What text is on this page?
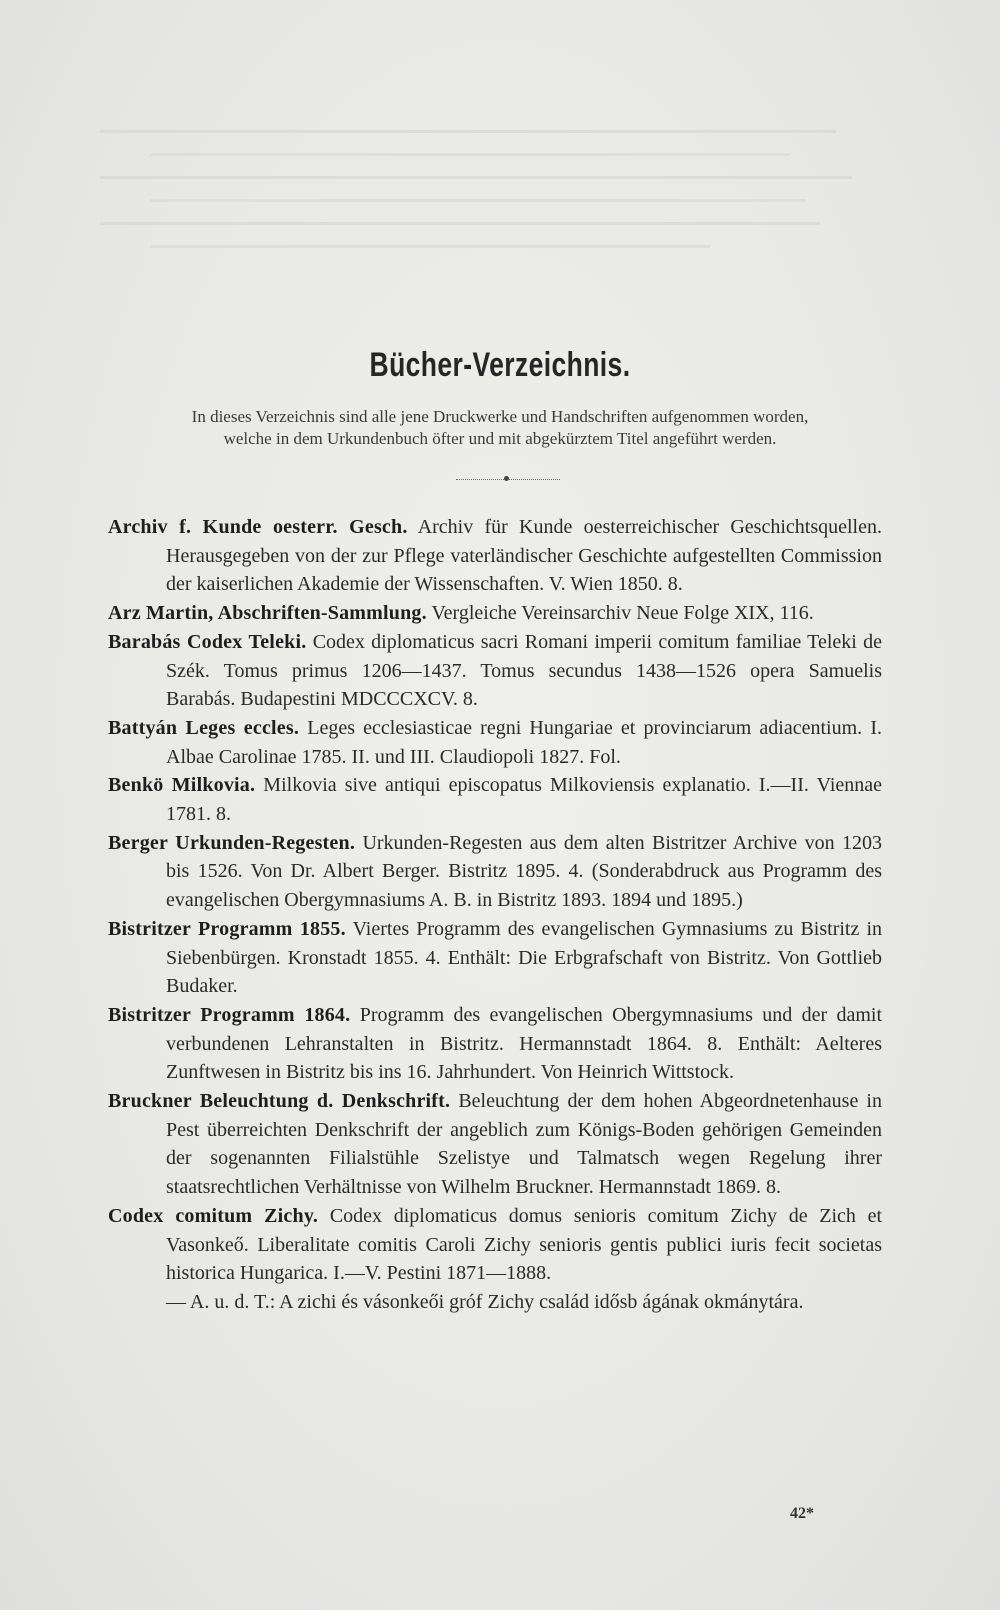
Bücher-Verzeichnis.
In dieses Verzeichnis sind alle jene Druckwerke und Handschriften aufgenommen worden,
welche in dem Urkundenbuch öfter und mit abgekürztem Titel angeführt werden.

Archiv f. Kunde oesterr. Gesch. Archiv für Kunde oesterreichischer Geschichtsquellen. Herausgegeben von der zur Pflege vaterländischer Geschichte aufgestellten Commission der kaiserlichen Akademie der Wissenschaften. V. Wien 1850. 8.

Arz Martin, Abschriften-Sammlung. Vergleiche Vereinsarchiv Neue Folge XIX, 116.

Barabás Codex Teleki. Codex diplomaticus sacri Romani imperii comitum familiae Teleki de Szék. Tomus primus 1206—1437. Tomus secundus 1438—1526 opera Samuelis Barabás. Budapestini MDCCCXCV. 8.

Battyán Leges eccles. Leges ecclesiasticae regni Hungariae et provinciarum adiacentium. I. Albae Carolinae 1785. II. und III. Claudiopoli 1827. Fol.

Benkö Milkovia. Milkovia sive antiqui episcopatus Milkoviensis explanatio. I.—II. Viennae 1781. 8.

Berger Urkunden-Regesten. Urkunden-Regesten aus dem alten Bistritzer Archive von 1203 bis 1526. Von Dr. Albert Berger. Bistritz 1895. 4. (Sonderabdruck aus Programm des evangelischen Obergymnasiums A. B. in Bistritz 1893. 1894 und 1895.)

Bistritzer Programm 1855. Viertes Programm des evangelischen Gymnasiums zu Bistritz in Siebenbürgen. Kronstadt 1855. 4. Enthält: Die Erbgrafschaft von Bistritz. Von Gottlieb Budaker.

Bistritzer Programm 1864. Programm des evangelischen Obergymnasiums und der damit verbundenen Lehranstalten in Bistritz. Hermannstadt 1864. 8. Enthält: Aelteres Zunftwesen in Bistritz bis ins 16. Jahrhundert. Von Heinrich Wittstock.

Bruckner Beleuchtung d. Denkschrift. Beleuchtung der dem hohen Abgeordnetenhause in Pest überreichten Denkschrift der angeblich zum Königs-Boden gehörigen Gemeinden der sogenannten Filialstühle Szelistye und Talmatsch wegen Regelung ihrer staatsrechtlichen Verhältnisse von Wilhelm Bruckner. Hermannstadt 1869. 8.

Codex comitum Zichy. Codex diplomaticus domus senioris comitum Zichy de Zich et Vasonkeő. Liberalitate comitis Caroli Zichy senioris gentis publici iuris fecit societas historica Hungarica. I.—V. Pestini 1871—1888.

— A. u. d. T.: A zichi és vásonkeői gróf Zichy család idősb ágának okmánytára.

42*
